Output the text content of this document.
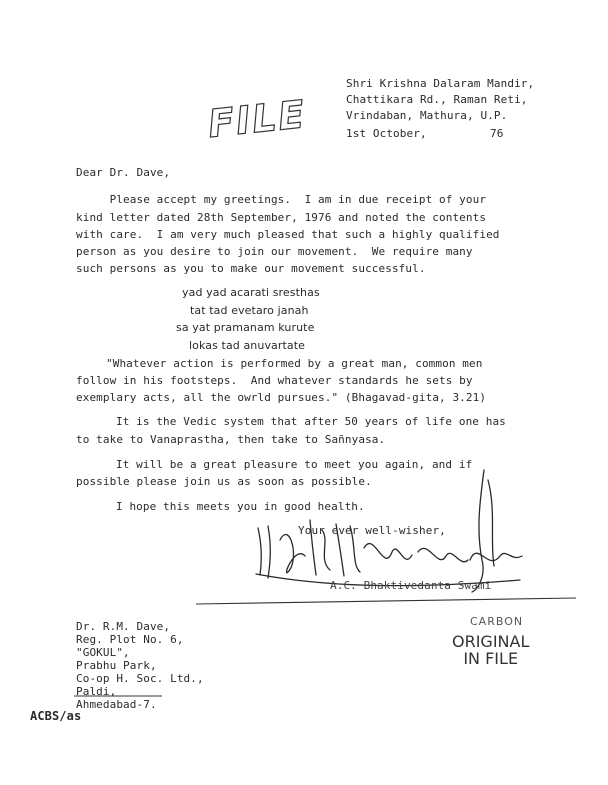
Shri Krishna Dalaram Mandir,
Chattikara Rd., Raman Reti,
Vrindaban, Mathura, U.P.
1st October,	76
FILE
Dear Dr. Dave,
Please accept my greetings.  I am in due receipt of your
kind letter dated 28th September, 1976 and noted the contents
with care.  I am very much pleased that such a highly qualified
person as you desire to join our movement.  We require many
such persons as you to make our movement successful.
yad yad acarati sresthas
tat tad evetaro janah
sa yat pramanam kurute
lokas tad anuvartate
"Whatever action is performed by a great man, common men
follow in his footsteps.  And whatever standards he sets by
exemplary acts, all the owrld pursues." (Bhagavad-gita, 3.21)
It is the Vedic system that after 50 years of life one has
to take to Vanaprastha, then take to Sañnyasa.
It will be a great pleasure to meet you again, and if
possible please join us as soon as possible.
I hope this meets you in good health.
Your ever well-wisher,
A.C. Bhaktivedanta Swami
Dr. R.M. Dave,
Reg. Plot No. 6,
"GOKUL",
Prabhu Park,
Co-op H. Soc. Ltd.,
Paldi,
Ahmedabad-7.
CARBON
ORIGINAL
IN FILE
ACBS/as
